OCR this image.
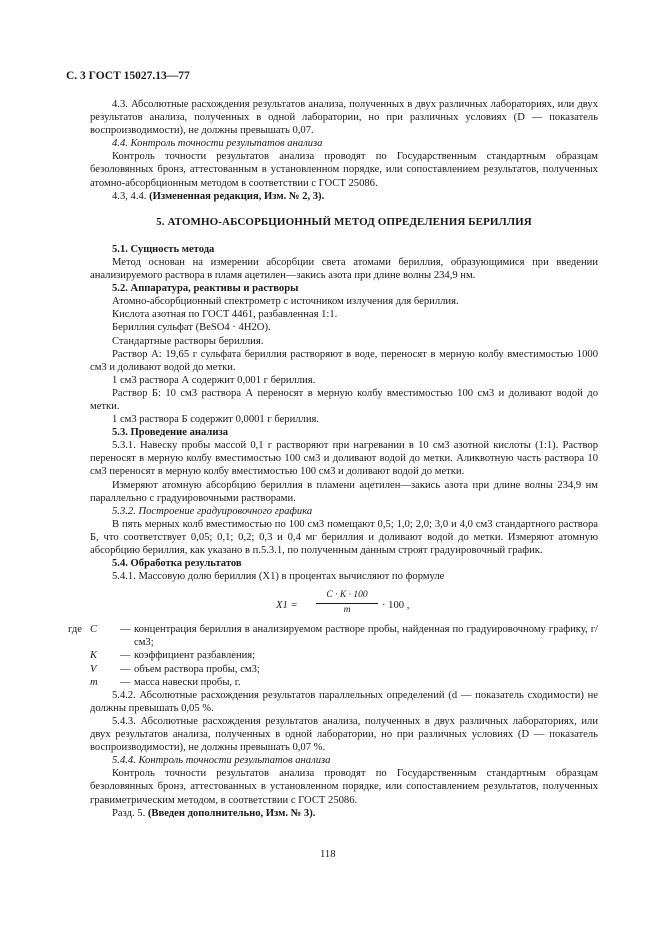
С. 3 ГОСТ 15027.13—77

4.3. Абсолютные расхождения результатов анализа, полученных в двух различных лабораториях, или двух результатов анализа, полученных в одной лаборатории, но при различных условиях (D — показатель воспроизводимости), не должны превышать 0,07.

4.4. Контроль точности результатов анализа

Контроль точности результатов анализа проводят по Государственным стандартным образцам безоловянных бронз, аттестованным в установленном порядке, или сопоставлением результатов, полученных атомно-абсорбционным методом в соответствии с ГОСТ 25086.

4.3, 4.4. (Измененная редакция, Изм. № 2, 3).

5. АТОМНО-АБСОРБЦИОННЫЙ МЕТОД ОПРЕДЕЛЕНИЯ БЕРИЛЛИЯ

5.1. Сущность метода

Метод основан на измерении абсорбции света атомами бериллия, образующимися при введении анализируемого раствора в пламя ацетилен—закись азота при длине волны 234,9 нм.

5.2. Аппаратура, реактивы и растворы

Атомно-абсорбционный спектрометр с источником излучения для бериллия.

Кислота азотная по ГОСТ 4461, разбавленная 1:1.

Бериллия сульфат (BeSO4 · 4H2O).

Стандартные растворы бериллия.

Раствор А: 19,65 г сульфата бериллия растворяют в воде, переносят в мерную колбу вместимостью 1000 см3 и доливают водой до метки.

1 см3 раствора А содержит 0,001 г бериллия.

Раствор Б: 10 см3 раствора А переносят в мерную колбу вместимостью 100 см3 и доливают водой до метки.

1 см3 раствора Б содержит 0,0001 г бериллия.

5.3. Проведение анализа

5.3.1. Навеску пробы массой 0,1 г растворяют при нагревании в 10 см3 азотной кислоты (1:1). Раствор переносят в мерную колбу вместимостью 100 см3 и доливают водой до метки. Аликвотную часть раствора 10 см3 переносят в мерную колбу вместимостью 100 см3 и доливают водой до метки.

Измеряют атомную абсорбцию бериллия в пламени ацетилен—закись азота при длине волны 234,9 нм параллельно с градуировочными растворами.

5.3.2. Построение градуировочного графика

В пять мерных колб вместимостью по 100 см3 помещают 0,5; 1,0; 2,0; 3,0 и 4,0 см3 стандартного раствора Б, что соответствует 0,05; 0,1; 0,2; 0,3 и 0,4 мг бериллия и доливают водой до метки. Измеряют атомную абсорбцию бериллия, как указано в п.5.3.1, по полученным данным строят градуировочный график.

5.4. Обработка результатов

5.4.1. Массовую долю бериллия (X1) в процентах вычисляют по формуле

$X1 = \frac{C \cdot K \cdot 100}{m} \cdot 100$ ,
где C	— концентрация бериллия в анализируемом растворе пробы, найденная по градуировочному графику, г/см3;
K	— коэффициент разбавления;
V	— объем раствора пробы, см3;
m	— масса навески пробы, г.

5.4.2. Абсолютные расхождения результатов параллельных определений (d — показатель сходимости) не должны превышать 0,05 %.

5.4.3. Абсолютные расхождения результатов анализа, полученных в двух различных лабораториях, или двух результатов анализа, полученных в одной лаборатории, но при различных условиях (D — показатель воспроизводимости), не должны превышать 0,07 %.

5.4.4. Контроль точности результатов анализа

Контроль точности результатов анализа проводят по Государственным стандартным образцам безоловянных бронз, аттестованных в установленном порядке, или сопоставлением результатов, полученных гравиметрическим методом, в соответствии с ГОСТ 25086.

Разд. 5. (Введен дополнительно, Изм. № 3).

118
